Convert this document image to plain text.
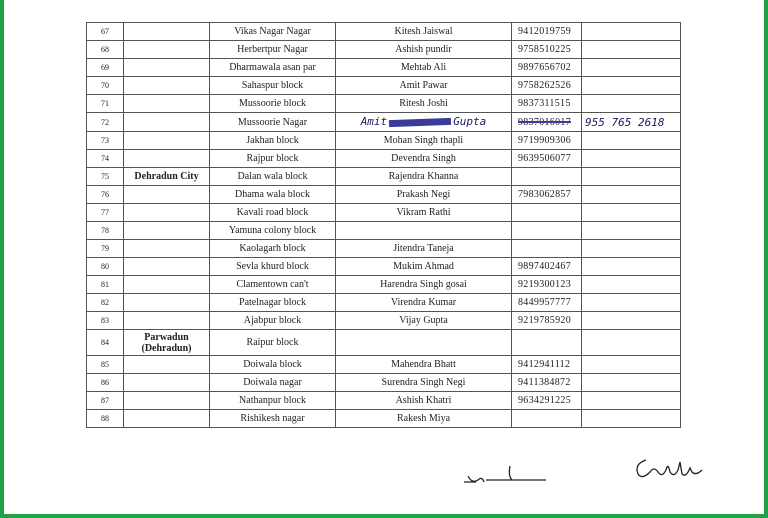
67		Vikas Nagar Nagar	Kitesh Jaiswal	9412019759	
68		Herbertpur Nagar	Ashish pundir	9758510225	
69		Dharmawala asan par	Mehtab Ali	9897656702	
70		Sahaspur block	Amit Pawar	9758262526	
71		Mussoorie block	Ritesh Joshi	9837311515	
72		Mussoorie Nagar	Amit Gupta	9837016017	955 765 2618
73		Jakhan block	Mohan Singh thapli	9719909306	
74		Rajpur block	Devendra Singh	9639506077	
75	Dehradun City	Dalan wala block	Rajendra Khanna		
76		Dhama wala block	Prakash Negi	7983062857	
77		Kavali road block	Vikram Rathi		
78		Yamuna colony block			
79		Kaolagarh block	Jitendra Taneja		
80		Sevla khurd block	Mukim Ahmad	9897402467	
81		Clamentown can't	Harendra Singh gosai	9219300123	
82		Patelnagar block	Virendra Kumar	8449957777	
83		Ajabpur block	Vijay Gupta	9219785920	
84	Parwadun (Dehradun)	Raipur block			
85		Doiwala block	Mahendra Bhatt	9412941112	
86		Doiwala nagar	Surendra Singh Negi	9411384872	
87		Nathanpur block	Ashish Khatri	9634291225	
88		Rishikesh nagar	Rakesh Miya		
